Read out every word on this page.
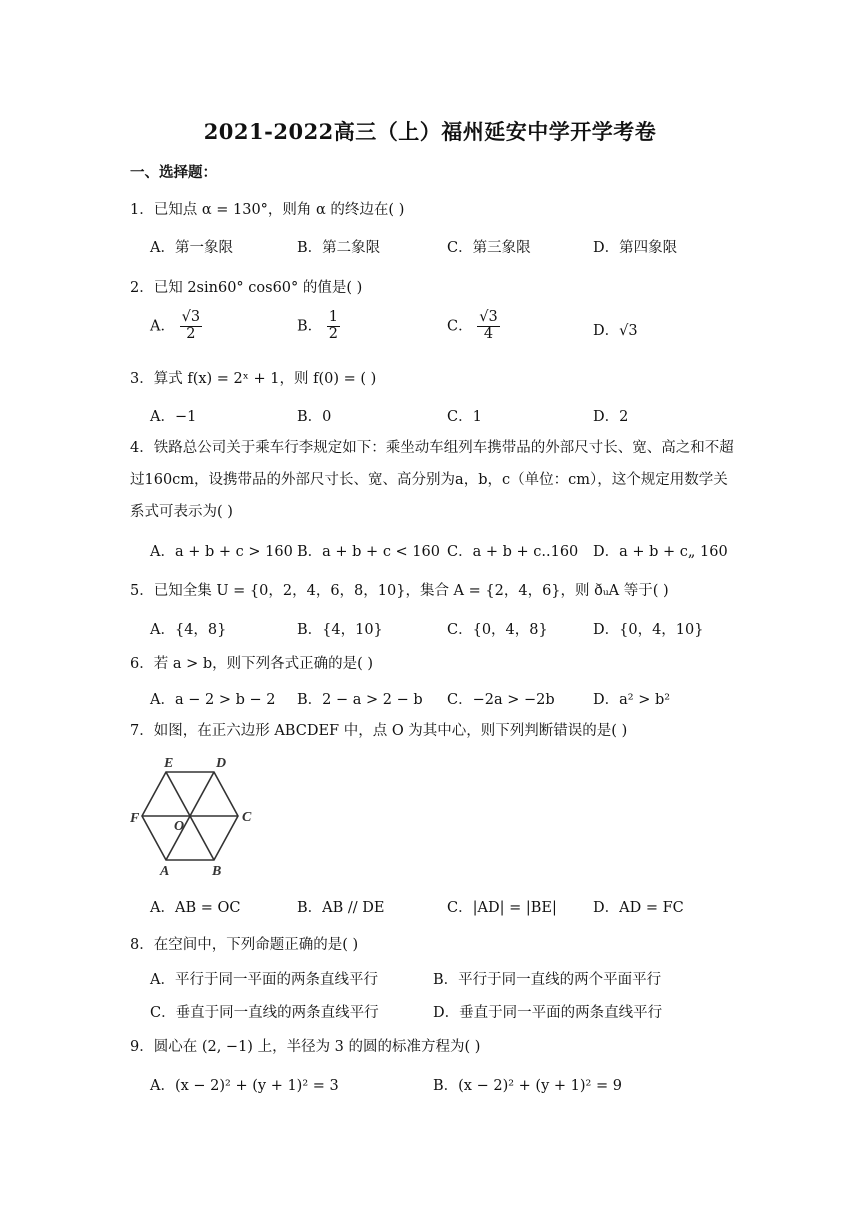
2021-2022高三（上）福州延安中学开学考卷
一、选择题：
1．已知点 α = 130°，则角 α 的终边在( )
A．第一象限	B．第二象限	C．第三象限	D．第四象限
2．已知 2sin60° cos60° 的值是( )
A． $\frac{√3}{2}$	B． $\frac{1}{2}$	C． $\frac{√3}{4}$	D．√3
3．算式 f(x) = 2ˣ + 1，则 f(0) = ( )
A．−1	B．0	C．1	D．2
4．铁路总公司关于乘车行李规定如下：乘坐动车组列车携带品的外部尺寸长、宽、高之和不超过160cm，设携带品的外部尺寸长、宽、高分别为a，b，c（单位：cm），这个规定用数学关系式可表示为( )
A．a + b + c > 160 B．a + b + c < 160 C．a + b + c..160 D．a + b + c„ 160
5．已知全集 U = {0，2，4，6，8，10}，集合 A = {2，4，6}，则 ðᵤA 等于( )
A．{4，8}	B．{4，10}	C．{0，4，8}	D．{0，4，10}
6．若 a > b，则下列各式正确的是( )
A．a − 2 > b − 2 B．2 − a > 2 − b C．−2a > −2b	D．a² > b²
7．如图，在正六边形 ABCDEF 中，点 O 为其中心，则下列判断错误的是( )
A	B
C
D
E
F
O
A．AB = OC	B．AB // DE	C．|AD| = |BE| D．AD = FC
8．在空间中，下列命题正确的是( )
A．平行于同一平面的两条直线平行	B．平行于同一直线的两个平面平行
C．垂直于同一直线的两条直线平行	D．垂直于同一平面的两条直线平行
9．圆心在 (2, −1) 上，半径为 3 的圆的标准方程为( )
A．(x − 2)² + (y + 1)² = 3	B．(x − 2)² + (y + 1)² = 9
